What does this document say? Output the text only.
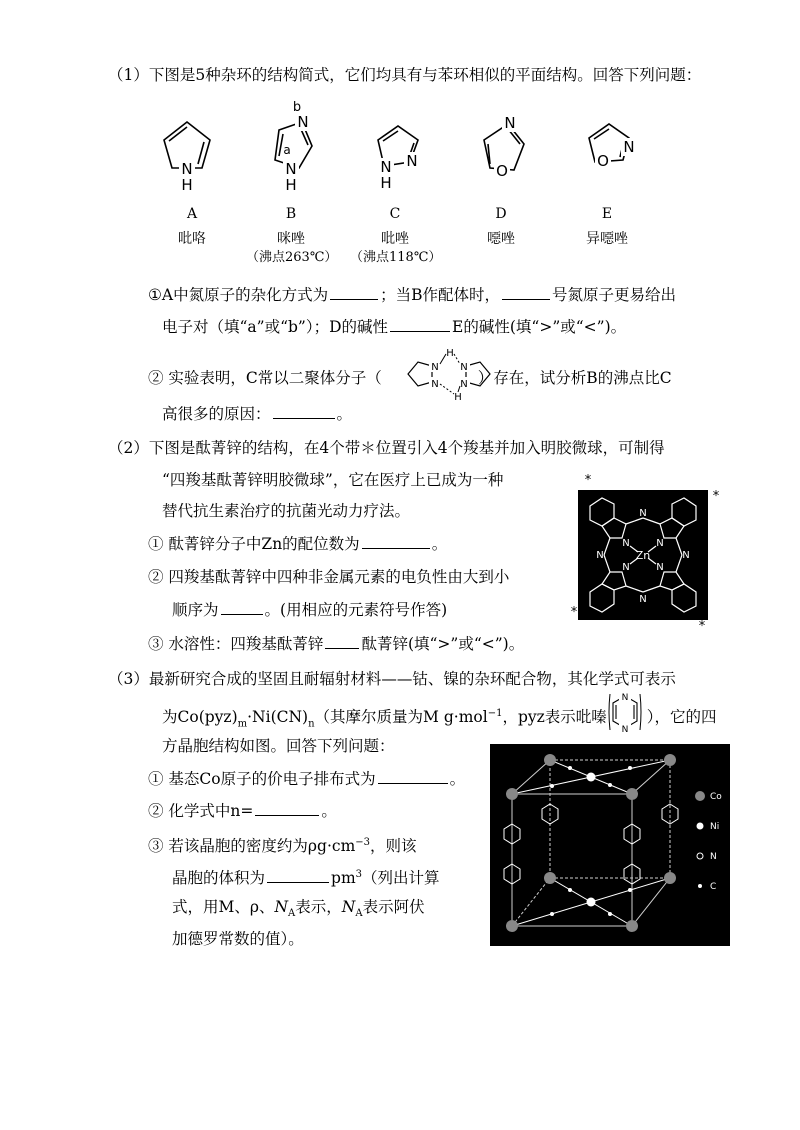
（1）下图是5种杂环的结构简式，它们均具有与苯环相似的平面结构。回答下列问题：
N
H
b
N
a
N
H
N
N
H
N
O
N
O
A
吡咯
B
咪唑
（沸点263℃）
C
吡唑
（沸点118℃）
D
噁唑
E
异噁唑
①A中氮原子的杂化方式为	；当B作配体时，	号氮原子更易给出
电子对（填“a”或“b”）；D的碱性	E的碱性(填“>”或“<”)。
② 实验表明，C常以二聚体分子（	）存在，试分析B的沸点比C
N
N
N
N
H
H
高很多的原因：	。
（2）下图是酞菁锌的结构，在4个带＊位置引入4个羧基并加入明胶微球，可制得
“四羧基酞菁锌明胶微球”，它在医疗上已成为一种
替代抗生素治疗的抗菌光动力疗法。
① 酞菁锌分子中Zn的配位数为	。
② 四羧基酞菁锌中四种非金属元素的电负性由大到小
顺序为	。(用相应的元素符号作答)
③ 水溶性：四羧基酞菁锌 酞菁锌(填“>”或“<”)。
N
N	N
N
N	N
N	N
Zn
*
*
*
*
（3）最新研究合成的坚固且耐辐射材料——钴、镍的杂环配合物，其化学式可表示
为$Co(pyz)_m\cdot Ni(CN)_n$（其摩尔质量为M g·mol$^{-1}$，pyz表示吡嗪	），它的四
N
N
方晶胞结构如图。回答下列问题：
① 基态Co原子的价电子排布式为	。
② 化学式中n=	。
③ 若该晶胞的密度约为$\rho g\cdot cm^{-3}$，则该
晶胞的体积为	$pm^3$（列出计算
式，用M、ρ、$N_A$表示，$N_A$表示阿伏
加德罗常数的值）。
Co
Ni
N
C
